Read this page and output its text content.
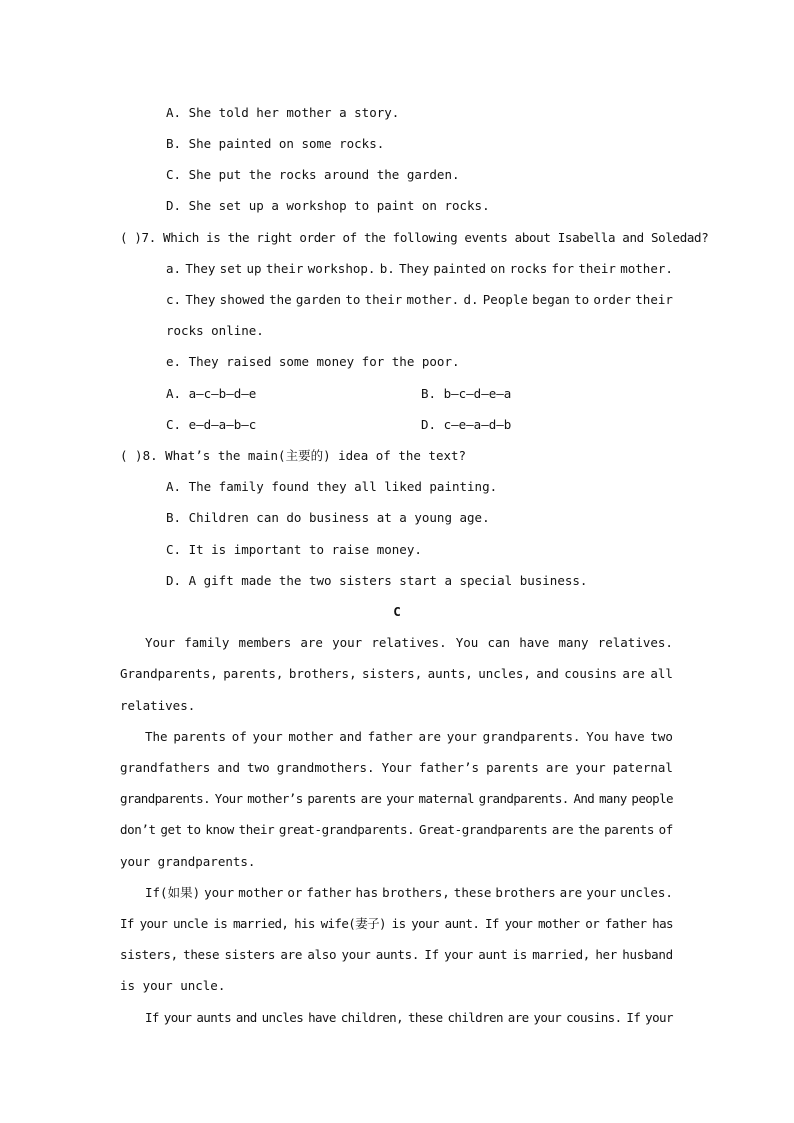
A. She told her mother a story.
B. She painted on some rocks.
C. She put the rocks around the garden.
D. She set up a workshop to paint on rocks.
( )7. Which is the right order of the following events about Isabella and Soledad?
a. They set up their workshop. b. They painted on rocks for their mother.
c. They showed the garden to their mother. d. People began to order their
rocks online.
e. They raised some money for the poor.
A. a—c—b—d—e	B. b—c—d—e—a
C. e—d—a—b—c	D. c—e—a—d—b
( )8. What’s the main(主要的) idea of the text?
A. The family found they all liked painting.
B. Children can do business at a young age.
C. It is important to raise money.
D. A gift made the two sisters start a special business.
C
Your family members are your relatives. You can have many relatives.
Grandparents, parents, brothers, sisters, aunts, uncles, and cousins are all
relatives.
The parents of your mother and father are your grandparents. You have two
grandfathers and two grandmothers. Your father’s parents are your paternal
grandparents. Your mother’s parents are your maternal grandparents. And many people
don’t get to know their great-grandparents. Great-grandparents are the parents of
your grandparents.
If(如果) your mother or father has brothers, these brothers are your uncles.
If your uncle is married, his wife(妻子) is your aunt. If your mother or father has
sisters, these sisters are also your aunts. If your aunt is married, her husband
is your uncle.
If your aunts and uncles have children, these children are your cousins. If your
